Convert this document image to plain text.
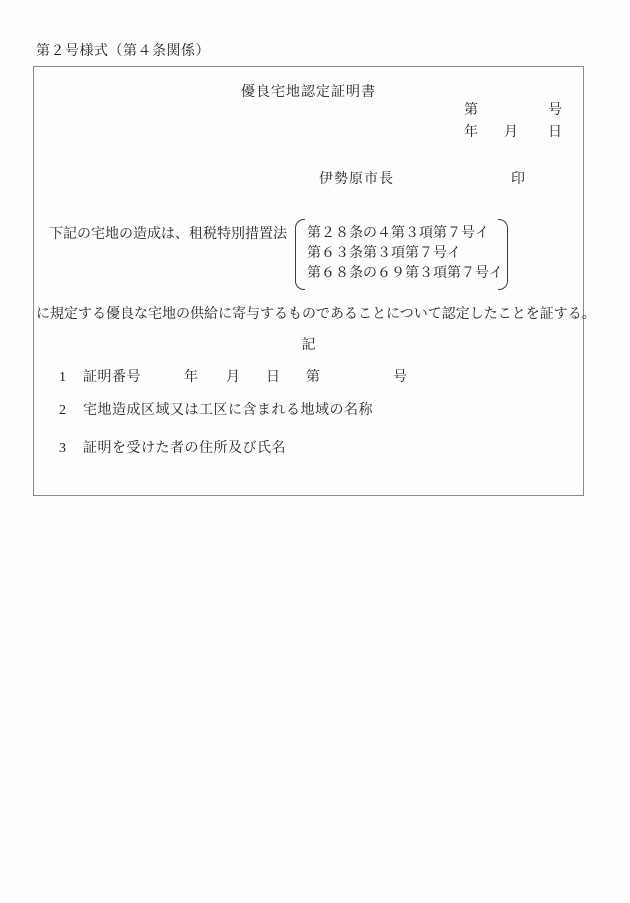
第２号様式（第４条関係）
優良宅地認定証明書
第	号
年 月 日
伊勢原市長	印
下記の宅地の造成は、租税特別措置法 第２８条の４第３項第７号イ
第６３条第３項第７号イ
第６８条の６９第３項第７号イ
に規定する優良な宅地の供給に寄与するものであることについて認定したことを証する。
記
1 証明番号	年 月 日 第	号
2 宅地造成区域又は工区に含まれる地域の名称
3 証明を受けた者の住所及び氏名
